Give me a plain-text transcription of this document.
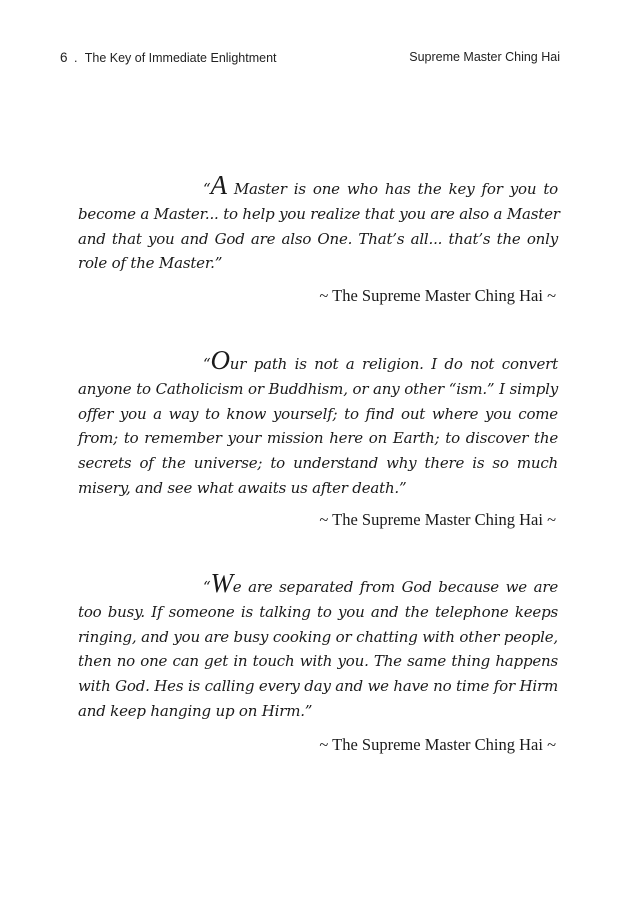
6 . The Key of Immediate Enlightment	Supreme Master Ching Hai
“A Master is one who has the key for you to
become a Master... to help you realize that you are also a Master
and that you and God are also One. That’s all... that’s the only
role of the Master.”
~ The Supreme Master Ching Hai ~
“Our path is not a religion. I do not convert
anyone to Catholicism or Buddhism, or any other “ism.” I simply
offer you a way to know yourself; to find out where you come
from; to remember your mission here on Earth; to discover the
secrets of the universe; to understand why there is so much
misery, and see what awaits us after death.”
~ The Supreme Master Ching Hai ~
“We are separated from God because we are
too busy. If someone is talking to you and the telephone keeps
ringing, and you are busy cooking or chatting with other people,
then no one can get in touch with you. The same thing happens
with God. Hes is calling every day and we have no time for Hirm
and keep hanging up on Hirm.”
~ The Supreme Master Ching Hai ~
